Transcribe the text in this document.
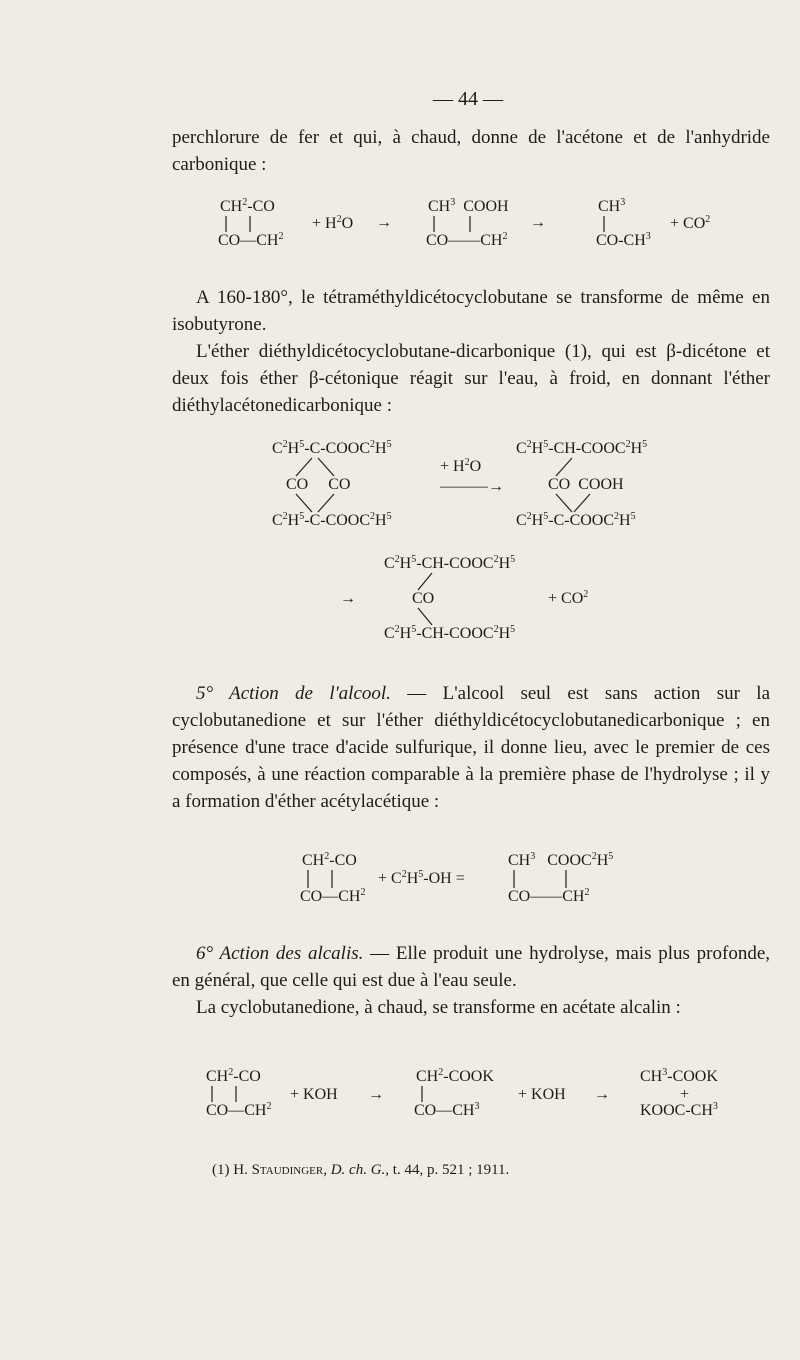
— 44 —

perchlorure de fer et qui, à chaud, donne de l'acétone et de l'anhydride carbonique :

$CH^2-CO$
$CO—CH^2$
+ $H^2O$ →
$CH^3$  COOH
$CO——CH^2$
→
$CH^3$
$CO-CH^3$
+ $CO^2$

A 160-180°, le tétraméthyldicétocyclobutane se transforme de même en isobutyrone.

L'éther diéthyldicétocyclobutane-dicarbonique (1), qui est β-dicétone et deux fois éther β-cétonique réagit sur l'eau, à froid, en donnant l'éther diéthylacétonedicarbonique :

$C^2H^5-C-COOC^2H^5$
CO     CO
$C^2H^5-C-COOC^2H^5$
+ $H^2O$
———→
$C^2H^5-CH-COOC^2H^5$
CO  COOH
$C^2H^5-C-COOC^2H^5$
→
$C^2H^5-CH-COOC^2H^5$
CO	+ $CO^2$
$C^2H^5-CH-COOC^2H^5$

5° Action de l'alcool. — L'alcool seul est sans action sur la cyclobutanedione et sur l'éther diéthyldicétocyclobutanedicarbonique ; en présence d'une trace d'acide sulfurique, il donne lieu, avec le premier de ces composés, à une réaction comparable à la première phase de l'hydrolyse ; il y a formation d'éther acétylacétique :

$CH^2-CO$
$CO—CH^2$
+ $C^2H^5-OH$ =
$CH^3$   $COOC^2H^5$
$CO——CH^2$

6° Action des alcalis. — Elle produit une hydrolyse, mais plus profonde, en général, que celle qui est due à l'eau seule.

La cyclobutanedione, à chaud, se transforme en acétate alcalin :

$CH^2-CO$
$CO—CH^2$
+ KOH →
$CH^2$-COOK
$CO—CH^3$
+ KOH →
$CH^3$-COOK
+
KOOC-$CH^3$
(1) H. Staudinger, D. ch. G., t. 44, p. 521 ; 1911.
